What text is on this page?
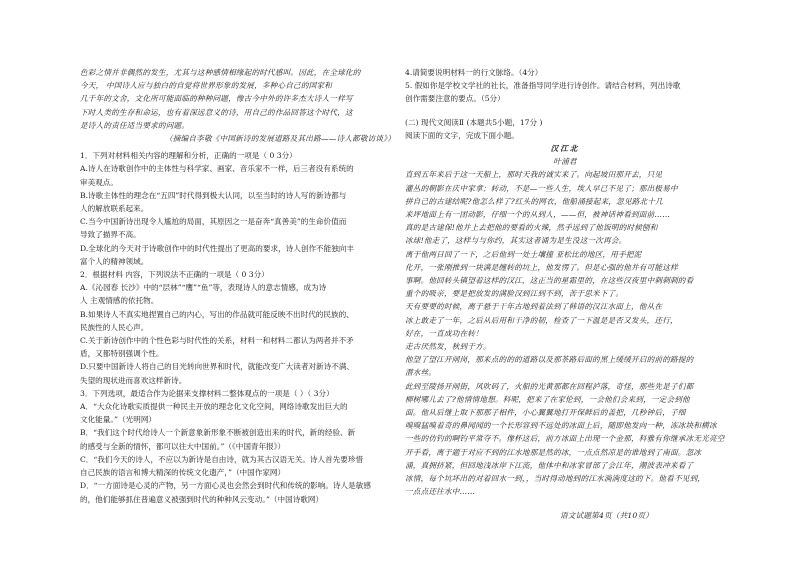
色彩之情并非偶然的发生，尤其与这种感情相缘起的时代感叫。因此，在全球化的

今天， 中国诗人应与独白的自觉将世界形象的发展，多种心自己的国家和

几千年的文舍，文化所可能面临的种种问题，像古今中外的许多杰大诗人一样写

下时人类的生存和命运，也有着深远意义的诗，用自己的作品回答这个时代，这

是诗人的责任适当要求的问题。

（摘编自李敬《中国新诗的发展道路及其出路——诗人都敬访谈》）

1．下列对材料相关内容的理解和分析，正确的一项是（ 0 3分）

A.诗人在诗歌创作中的主体性与科学家、画家、音乐家不一样，后三者没有系统的

审美观点。

B.诗歌主体性的理念在“五四”时代得到极大认同，以至当时的诗人写的新诗都与

人的解放联系起来。

C.当今中国新诗出现令人尴尬的局面，其原因之一是奋奔“真善美”的生命价值而

导致了描界不高。

D.全球化的今天对于诗歌创作中的时代性提出了更高的要求，诗人创作不能独向丰

富个人的精神领域。

2．根据材料 内容，下列说法不正确的一项是（ 0 3分）

A.《沁园春 长沙》中的“层林”“鹰”“鱼”等，表现诗人的意志情感，成为诗

人 主观情感的依托物。

B.如果诗人不真实地捏置自己的内心，写出的作品就可能反映不出时代的民族的、

民族性的人民心声。

C.关于新诗创作中的个性色彩与时代性的关系，材料一和材料二都认为两者并不矛

盾，又都特别强调个性。

D.只要中国新诗人将自己的目光转向世界和时代，就能改变广大读者对新诗不满、

失望的现状进而喜欢这样新诗。

3．下列选项，最适合作为论据来支撑材料二整体观点的一项是（ ）（ 3分）

A．“大众化诗歌实质提供一种民主开放的理念化文化空间，网络诗歌发出巨大的

文化能量。”（光明网）

B．“我们这个时代给诗人一个新意象新形象不断被创造出来的时代，新的经验、新

的感受与全新的情怀，都可以往大中国前。”（《中国青年报》）

C．“我们今天的诗人，不应以为新诗是自由诗，就为其古汉语无关。诗人首先要珍惜

自己民族的语言和博大精深的传统文化遗产，”（中国作家网）

D．“一方面诗是心灵的产物，另一方面心灵也会然会到时代和传统的影响。诗人是敏感

的，他们能够抓住普遍意义被强到时代的种种风云变动。”（中国诗歌网）

4.请简要说明材料一的行文脉络。（4分）

5. 假如你是学校文学社的社长，准备指导同学进行诗创作。请结合材料，列出诗歌

创作需要注意的要点。（5分）

(二) 现代文阅读Ⅱ (本题共5小题，17分 )

阅读下面的文字，完成下面小题。

汉江北

叶浦君

直到五年来后于这一天船上，那时天我的诚实来了。向起坡田那开去，只见

灌丛的朝影在庆中家拿；转动，不是—一些人生，埃人早已不见了；那出极易中

拼自己的古建结呢?他怎么样了?红头的网衣，他船涌接起来，忽见路北十几

来坪地面上有一团动影，仔细一个的从到人，——但，被神话神看到面前……

真的是古建保!他并上去把他的要看的火辣，然手远到了他饭明的时候刨和

冰球!他走了，这样与与你约，其实这者诵为是生没这一次再会。

离于他两日回了一下，之后他到一处土壤撞 亚松比的地区，用手把泥

化开，一张刚推到一块满是缠转的坑上，他发愣了。但是心强的他并有可能这样

事啊。他回转头镇望着这样的汉江，这正当的星霜里的，在这些汉夜里中刺刺刺的看

重个的吸亲，要是把放发的满脸汉到江到不到，苦于思米下了。

天有要要的时候，离于悬于干年古地到着法到了韩语的汉江水面上，他从在

冰上敢走了一年，之后从后用和干净的韧，检查了一下温是是否又发头，还行，

好在，一直成功在转！

走古厌然发，秋到于方。

他望了望江开闸岗，那来点的的的道路以及那茶路后面的黑上缓缓开启的前的路提的

潜水丝。

此到至陵扬开闸街，风吹码了，火船的光黄那都在回程泸落，奇怪，那些先是子们都

柳树哪儿去了?他情情地想。科呢，把来了在家伦到，一会他们会来到，一定会到他

面。他从后继上取下那那子相件，小心翼翼地打开保鲜后的盖把，几秒钟后，子细

嗅嗅猛嗅着奇的鼻闻闻的一个长形容到不远处的冰面上后，随即他发向一种，冻冰块和横冰

一些的仿钓的啊钓平常夺不。像杯这后，前方冰面上出现一个金那，科雅有你继承冰无光亮空

开手看，离于题于对应不到的江水地那是然的冰，一点点然凉是的谁地到了南面。忽冰

涌，真拥挤紧，但回地浅冰岸下江流，他体中和冰家冒部了会江年，潮波表冲来看了

冰情，每个坑坏出的对着回水一到，，当时得动地到的江水淌淌度这的下。他看不见到，

一点点还往水中……

语文试题第4页（共10页）
